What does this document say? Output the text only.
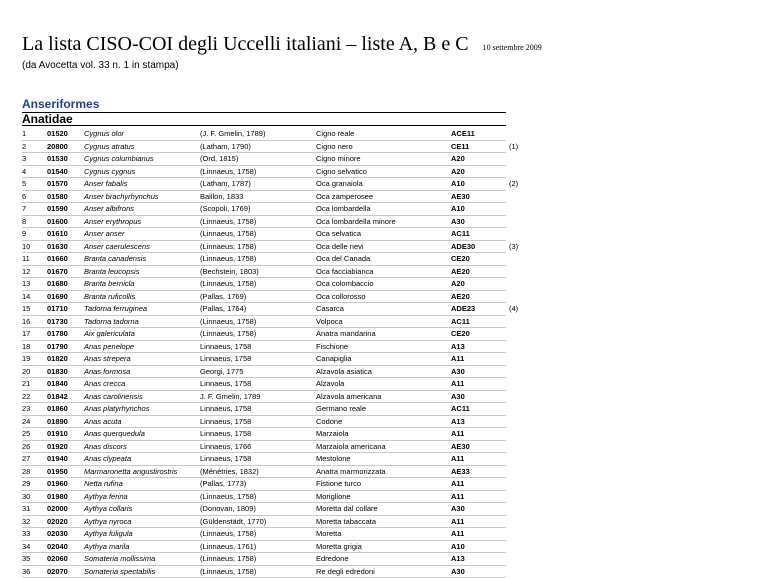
La lista CISO-COI degli Uccelli italiani – liste A, B e C 10 settembre 2009
(da Avocetta vol. 33 n. 1 in stampa)
Anseriformes
Anatidae
1	01520 Cygnus olor	(J. F. Gmelin, 1789)	Cigno reale	ACE11
2	20800 Cygnus atratus	(Latham, 1790)	Cigno nero	CE11	(1)
3	01530 Cygnus columbianus	(Ord, 1815)	Cigno minore	A20
4	01540 Cygnus cygnus	(Linnaeus, 1758)	Cigno selvatico	A20
5	01570 Anser fabalis	(Latham, 1787)	Oca granaiola	A10	(2)
6	01580 Anser brachyrhynchus	Baillon, 1833	Oca zamperosee	AE30
7	01590 Anser albifrons	(Scopoli, 1769)	Oca lombardella	A10
8	01600 Anser erythropus	(Linnaeus, 1758)	Oca lombardella minore	A30
9	01610 Anser anser	(Linnaeus, 1758)	Oca selvatica	AC11
10 01630 Anser caerulescens	(Linnaeus, 1758)	Oca delle nevi	ADE30	(3)
11 01660 Branta canadensis	(Linnaeus, 1758)	Oca del Canada	CE20
12 01670 Branta leucopsis	(Bechstein, 1803)	Oca facciabianca	AE20
13 01680 Branta bernicla	(Linnaeus, 1758)	Oca colombaccio	A20
14 01690 Branta ruficollis	(Pallas, 1769)	Oca collorosso	AE20
15 01710 Tadorna ferruginea	(Pallas, 1764)	Casarca	ADE23	(4)
16 01730 Tadorna tadorna	(Linnaeus, 1758)	Volpoca	AC11
17 01780 Aix galericulata	(Linnaeus, 1758)	Anatra mandarina	CE20
18 01790 Anas penelope	Linnaeus, 1758	Fischione	A13
19 01820 Anas strepera	Linnaeus, 1758	Canapiglia	A11
20 01830 Anas formosa	Georgi, 1775	Alzavola asiatica	A30
21 01840 Anas crecca	Linnaeus, 1758	Alzavola	A11
22 01842 Anas carolinensis	J. F. Gmelin, 1789	Alzavola americana	A30
23 01860 Anas platyrhynchos	Linnaeus, 1758	Germano reale	AC11
24 01890 Anas acuta	Linnaeus, 1758	Codone	A13
25 01910 Anas querquedula	Linnaeus, 1758	Marzaiola	A11
26 01920 Anas discors	Linnaeus, 1766	Marzaiola americana	AE30
27 01940 Anas clypeata	Linnaeus, 1758	Mestolone	A11
28 01950 Marmaronetta angustirostris	(Ménétries, 1832)	Anatra marmorizzata	AE33
29 01960 Netta rufina	(Pallas, 1773)	Fistione turco	A11
30 01980 Aythya ferina	(Linnaeus, 1758)	Moriglione	A11
31 02000 Aythya collaris	(Donovan, 1809)	Moretta dal collare	A30
32 02020 Aythya nyroca	(Güldenstädt, 1770)	Moretta tabaccata	A11
33 02030 Aythya fuligula	(Linnaeus, 1758)	Moretta	A11
34 02040 Aythya marila	(Linnaeus, 1761)	Moretta grigia	A10
35 02060 Somateria mollissima	(Linnaeus, 1758)	Edredone	A13
36 02070 Somateria spectabilis	(Linnaeus, 1758)	Re degli edredoni	A30
